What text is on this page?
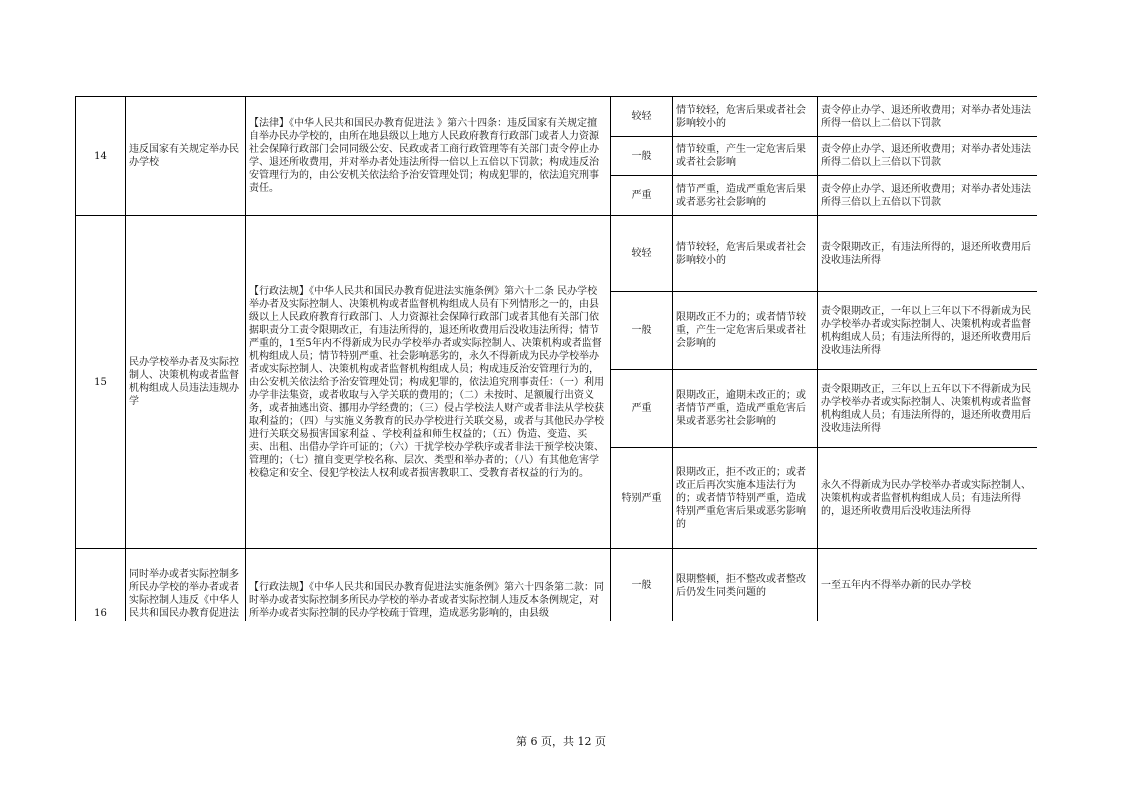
14	违反国家有关规定举办民办学校	【法律】《中华人民共和国民办教育促进法 》第六十四条：违反国家有关规定擅自举办民办学校的，由所在地县级以上地方人民政府教育行政部门或者人力资源社会保障行政部门会同同级公安、民政或者工商行政管理等有关部门责令停止办学、退还所收费用，并对举办者处违法所得一倍以上五倍以下罚款；构成违反治安管理行为的，由公安机关依法给予治安管理处罚；构成犯罪的，依法追究刑事责任。	较轻	情节较轻，危害后果或者社会影响较小的	责令停止办学、退还所收费用；对举办者处违法所得一倍以上二倍以下罚款
			一般	情节较重，产生一定危害后果或者社会影响	责令停止办学、退还所收费用；对举办者处违法所得二倍以上三倍以下罚款
			严重	情节严重，造成严重危害后果或者恶劣社会影响的	责令停止办学、退还所收费用；对举办者处违法所得三倍以上五倍以下罚款
15	民办学校举办者及实际控制人、决策机构或者监督机构组成人员违法违规办学	【行政法规】《中华人民共和国民办教育促进法实施条例》第六十二条 民办学校举办者及实际控制人、决策机构或者监督机构组成人员有下列情形之一的，由县级以上人民政府教育行政部门、人力资源社会保障行政部门或者其他有关部门依据职责分工责令限期改正，有违法所得的，退还所收费用后没收违法所得；情节严重的，1至5年内不得新成为民办学校举办者或实际控制人、决策机构或者监督机构组成人员；情节特别严重、社会影响恶劣的，永久不得新成为民办学校举办者或实际控制人、决策机构或者监督机构组成人员；构成违反治安管理行为的，由公安机关依法给予治安管理处罚；构成犯罪的，依法追究刑事责任：（一）利用办学非法集资，或者收取与入学关联的费用的；（二）未按时、足额履行出资义务，或者抽逃出资、挪用办学经费的；（三）侵占学校法人财产或者非法从学校获取利益的；（四）与实施义务教育的民办学校进行关联交易，或者与其他民办学校进行关联交易损害国家利益 、学校利益和师生权益的；（五）伪造、变造、买卖、出租、出借办学许可证的；（六）干扰学校办学秩序或者非法干预学校决策、管理的；（七）擅自变更学校名称、层次、类型和举办者的；（八）有其他危害学校稳定和安全、侵犯学校法人权利或者损害教职工、受教育者权益的行为的。	较轻	情节较轻，危害后果或者社会影响较小的	责令限期改正，有违法所得的，退还所收费用后没收违法所得
			一般	限期改正不力的；或者情节较重，产生一定危害后果或者社会影响的	责令限期改正，一年以上三年以下不得新成为民办学校举办者或实际控制人、决策机构或者监督机构组成人员；有违法所得的，退还所收费用后没收违法所得
			严重	限期改正，逾期未改正的；或者情节严重，造成严重危害后果或者恶劣社会影响的	责令限期改正，三年以上五年以下不得新成为民办学校举办者或实际控制人、决策机构或者监督机构组成人员；有违法所得的，退还所收费用后没收违法所得
			特别严重	限期改正，拒不改正的；或者改正后再次实施本违法行为的；或者情节特别严重，造成特别严重危害后果或恶劣影响的	永久不得新成为民办学校举办者或实际控制人、决策机构或者监督机构组成人员；有违法所得的，退还所收费用后没收违法所得
16	同时举办或者实际控制多所民办学校的举办者或者实际控制人违反《中华人民共和国民办教育促进法	【行政法规】《中华人民共和国民办教育促进法实施条例》第六十四条第二款：同时举办或者实际控制多所民办学校的举办者或者实际控制人违反本条例规定，对所举办或者实际控制的民办学校疏于管理，造成恶劣影响的，由县级	一般	限期整顿，拒不整改或者整改后仍发生同类问题的	一至五年内不得举办新的民办学校
第 6 页，共 12 页
